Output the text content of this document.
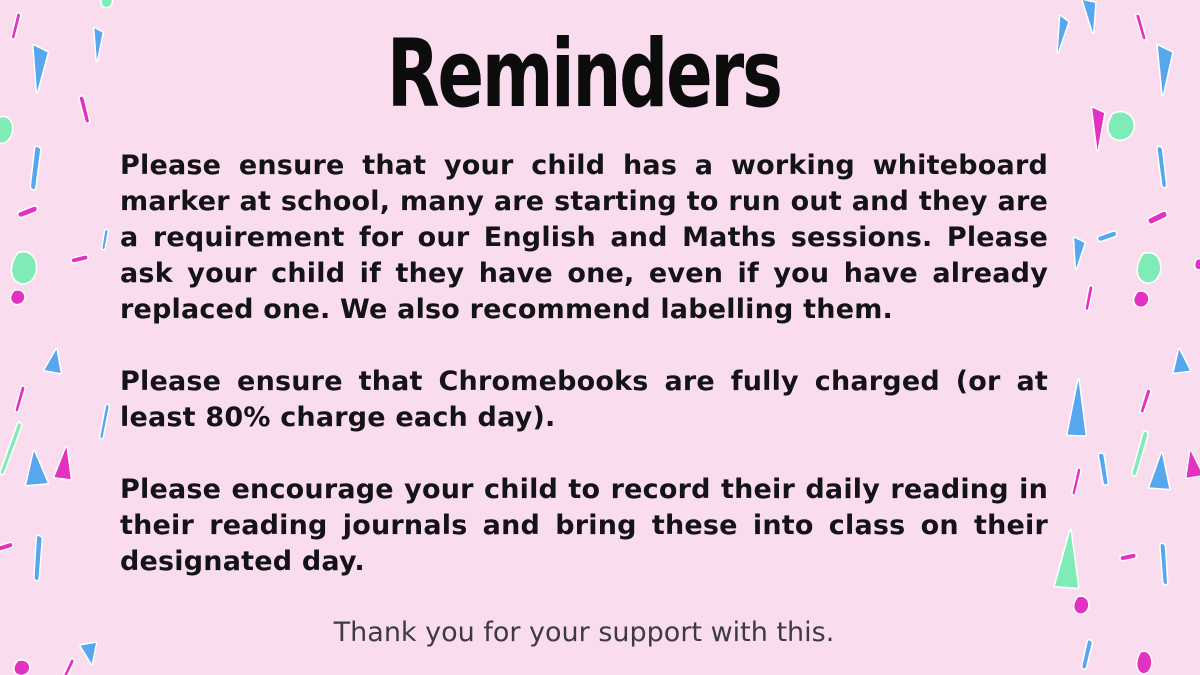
Reminders

Please ensure that your child has a working whiteboard marker at school, many are starting to run out and they are a requirement for our English and Maths sessions. Please ask your child if they have one, even if you have already replaced one. We also recommend labelling them.

Please ensure that Chromebooks are fully charged (or at least 80% charge each day).

Please encourage your child to record their daily reading in their reading journals and bring these into class on their designated day.

Thank you for your support with this.
